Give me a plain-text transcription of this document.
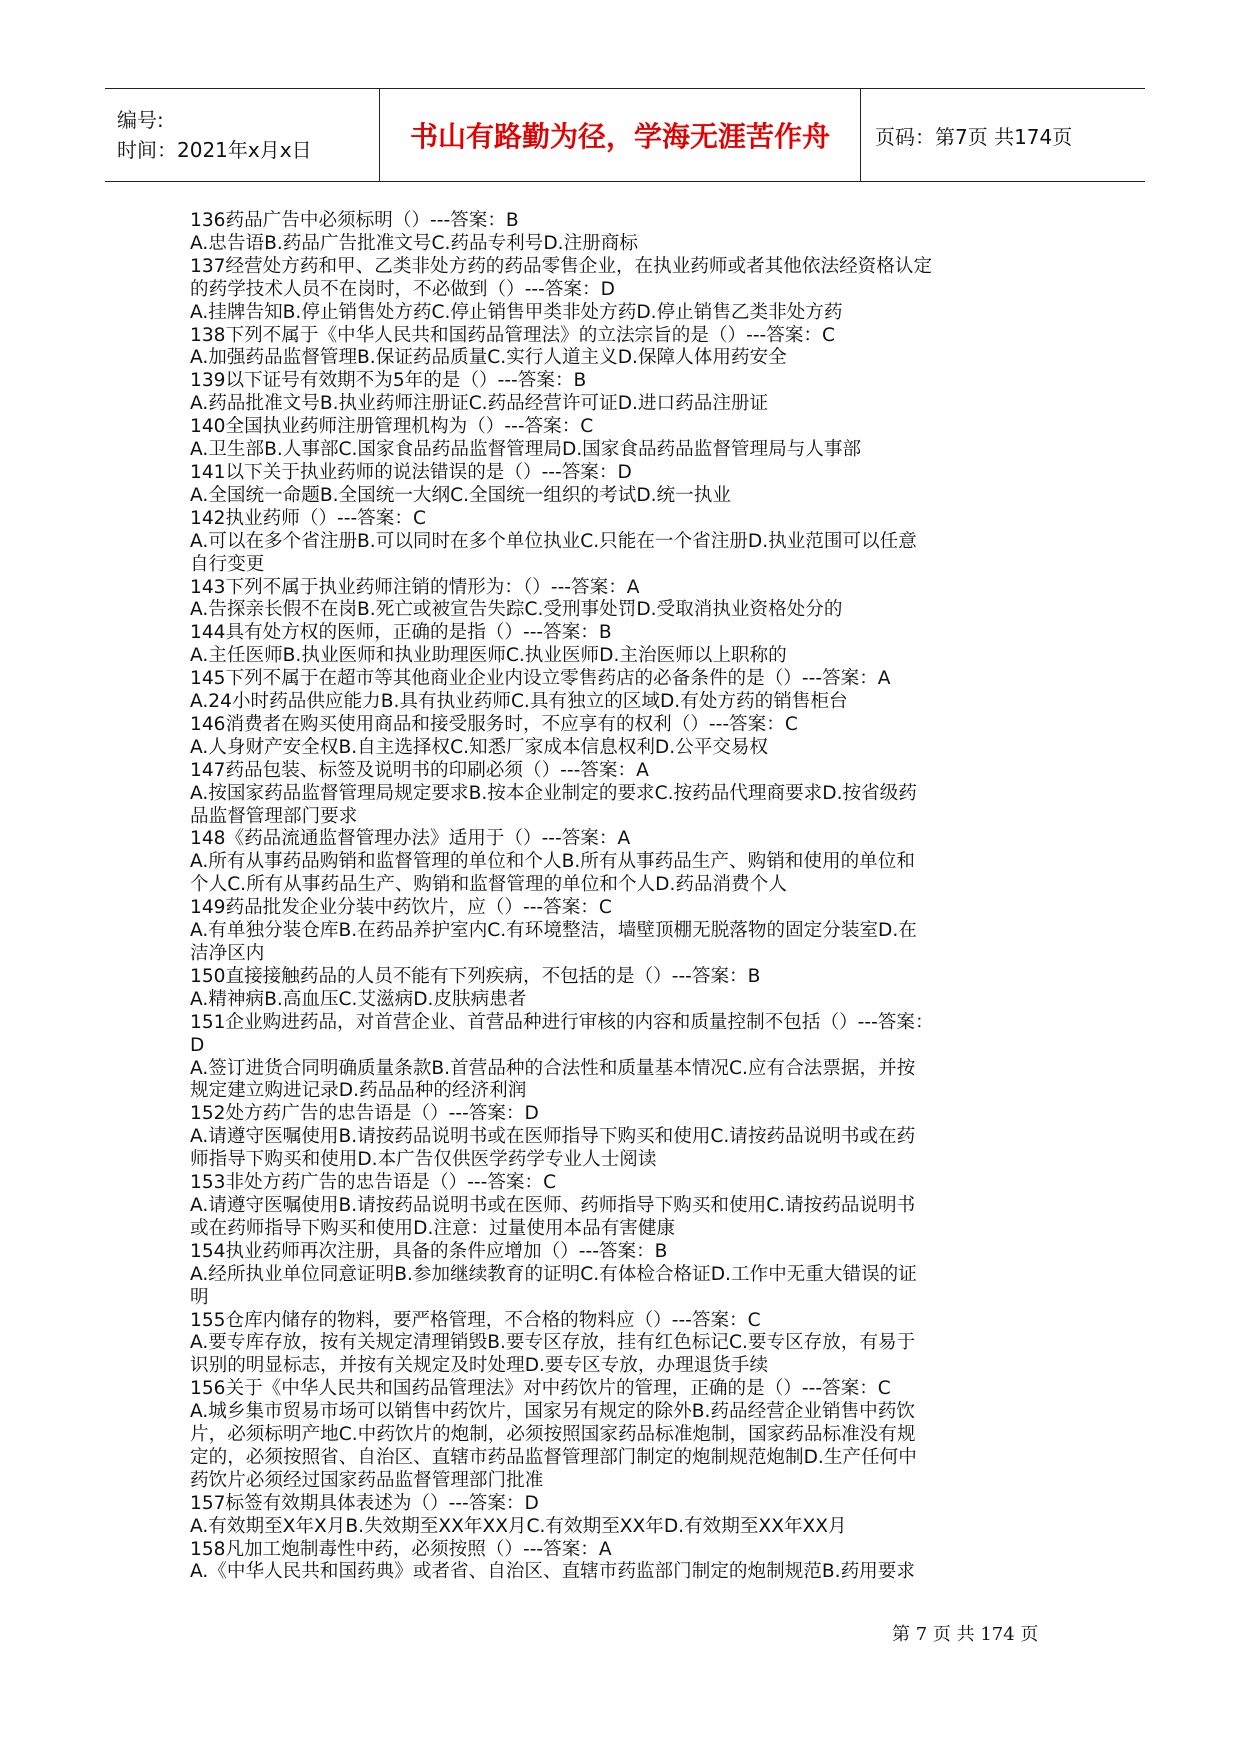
编号:
时间：2021年x月x日	书山有路勤为径，学海无涯苦作舟	页码：第7页 共174页

136药品广告中必须标明（）---答案：B

A.忠告语B.药品广告批准文号C.药品专利号D.注册商标

137经营处方药和甲、乙类非处方药的药品零售企业，在执业药师或者其他依法经资格认定

的药学技术人员不在岗时，不必做到（）---答案：D

A.挂牌告知B.停止销售处方药C.停止销售甲类非处方药D.停止销售乙类非处方药

138下列不属于《中华人民共和国药品管理法》的立法宗旨的是（）---答案：C

A.加强药品监督管理B.保证药品质量C.实行人道主义D.保障人体用药安全

139以下证号有效期不为5年的是（）---答案：B

A.药品批准文号B.执业药师注册证C.药品经营许可证D.进口药品注册证

140全国执业药师注册管理机构为（）---答案：C

A.卫生部B.人事部C.国家食品药品监督管理局D.国家食品药品监督管理局与人事部

141以下关于执业药师的说法错误的是（）---答案：D

A.全国统一命题B.全国统一大纲C.全国统一组织的考试D.统一执业

142执业药师（）---答案：C

A.可以在多个省注册B.可以同时在多个单位执业C.只能在一个省注册D.执业范围可以任意

自行变更

143下列不属于执业药师注销的情形为：（）---答案：A

A.告探亲长假不在岗B.死亡或被宣告失踪C.受刑事处罚D.受取消执业资格处分的

144具有处方权的医师，正确的是指（）---答案：B

A.主任医师B.执业医师和执业助理医师C.执业医师D.主治医师以上职称的

145下列不属于在超市等其他商业企业内设立零售药店的必备条件的是（）---答案：A

A.24小时药品供应能力B.具有执业药师C.具有独立的区域D.有处方药的销售柜台

146消费者在购买使用商品和接受服务时，不应享有的权利（）---答案：C

A.人身财产安全权B.自主选择权C.知悉厂家成本信息权利D.公平交易权

147药品包装、标签及说明书的印刷必须（）---答案：A

A.按国家药品监督管理局规定要求B.按本企业制定的要求C.按药品代理商要求D.按省级药

品监督管理部门要求

148《药品流通监督管理办法》适用于（）---答案：A

A.所有从事药品购销和监督管理的单位和个人B.所有从事药品生产、购销和使用的单位和

个人C.所有从事药品生产、购销和监督管理的单位和个人D.药品消费个人

149药品批发企业分装中药饮片，应（）---答案：C

A.有单独分装仓库B.在药品养护室内C.有环境整洁，墙壁顶棚无脱落物的固定分装室D.在

洁净区内

150直接接触药品的人员不能有下列疾病，不包括的是（）---答案：B

A.精神病B.高血压C.艾滋病D.皮肤病患者

151企业购进药品，对首营企业、首营品种进行审核的内容和质量控制不包括（）---答案：

D

A.签订进货合同明确质量条款B.首营品种的合法性和质量基本情况C.应有合法票据，并按

规定建立购进记录D.药品品种的经济利润

152处方药广告的忠告语是（）---答案：D

A.请遵守医嘱使用B.请按药品说明书或在医师指导下购买和使用C.请按药品说明书或在药

师指导下购买和使用D.本广告仅供医学药学专业人士阅读

153非处方药广告的忠告语是（）---答案：C

A.请遵守医嘱使用B.请按药品说明书或在医师、药师指导下购买和使用C.请按药品说明书

或在药师指导下购买和使用D.注意：过量使用本品有害健康

154执业药师再次注册，具备的条件应增加（）---答案：B

A.经所执业单位同意证明B.参加继续教育的证明C.有体检合格证D.工作中无重大错误的证

明

155仓库内储存的物料，要严格管理，不合格的物料应（）---答案：C

A.要专库存放，按有关规定清理销毁B.要专区存放，挂有红色标记C.要专区存放，有易于

识别的明显标志，并按有关规定及时处理D.要专区专放，办理退货手续

156关于《中华人民共和国药品管理法》对中药饮片的管理，正确的是（）---答案：C

A.城乡集市贸易市场可以销售中药饮片，国家另有规定的除外B.药品经营企业销售中药饮

片，必须标明产地C.中药饮片的炮制，必须按照国家药品标准炮制，国家药品标准没有规

定的，必须按照省、自治区、直辖市药品监督管理部门制定的炮制规范炮制D.生产任何中

药饮片必须经过国家药品监督管理部门批准

157标签有效期具体表述为（）---答案：D

A.有效期至X年X月B.失效期至XX年XX月C.有效期至XX年D.有效期至XX年XX月

158凡加工炮制毒性中药，必须按照（）---答案：A

A.《中华人民共和国药典》或者省、自治区、直辖市药监部门制定的炮制规范B.药用要求

第 7 页 共 174 页
